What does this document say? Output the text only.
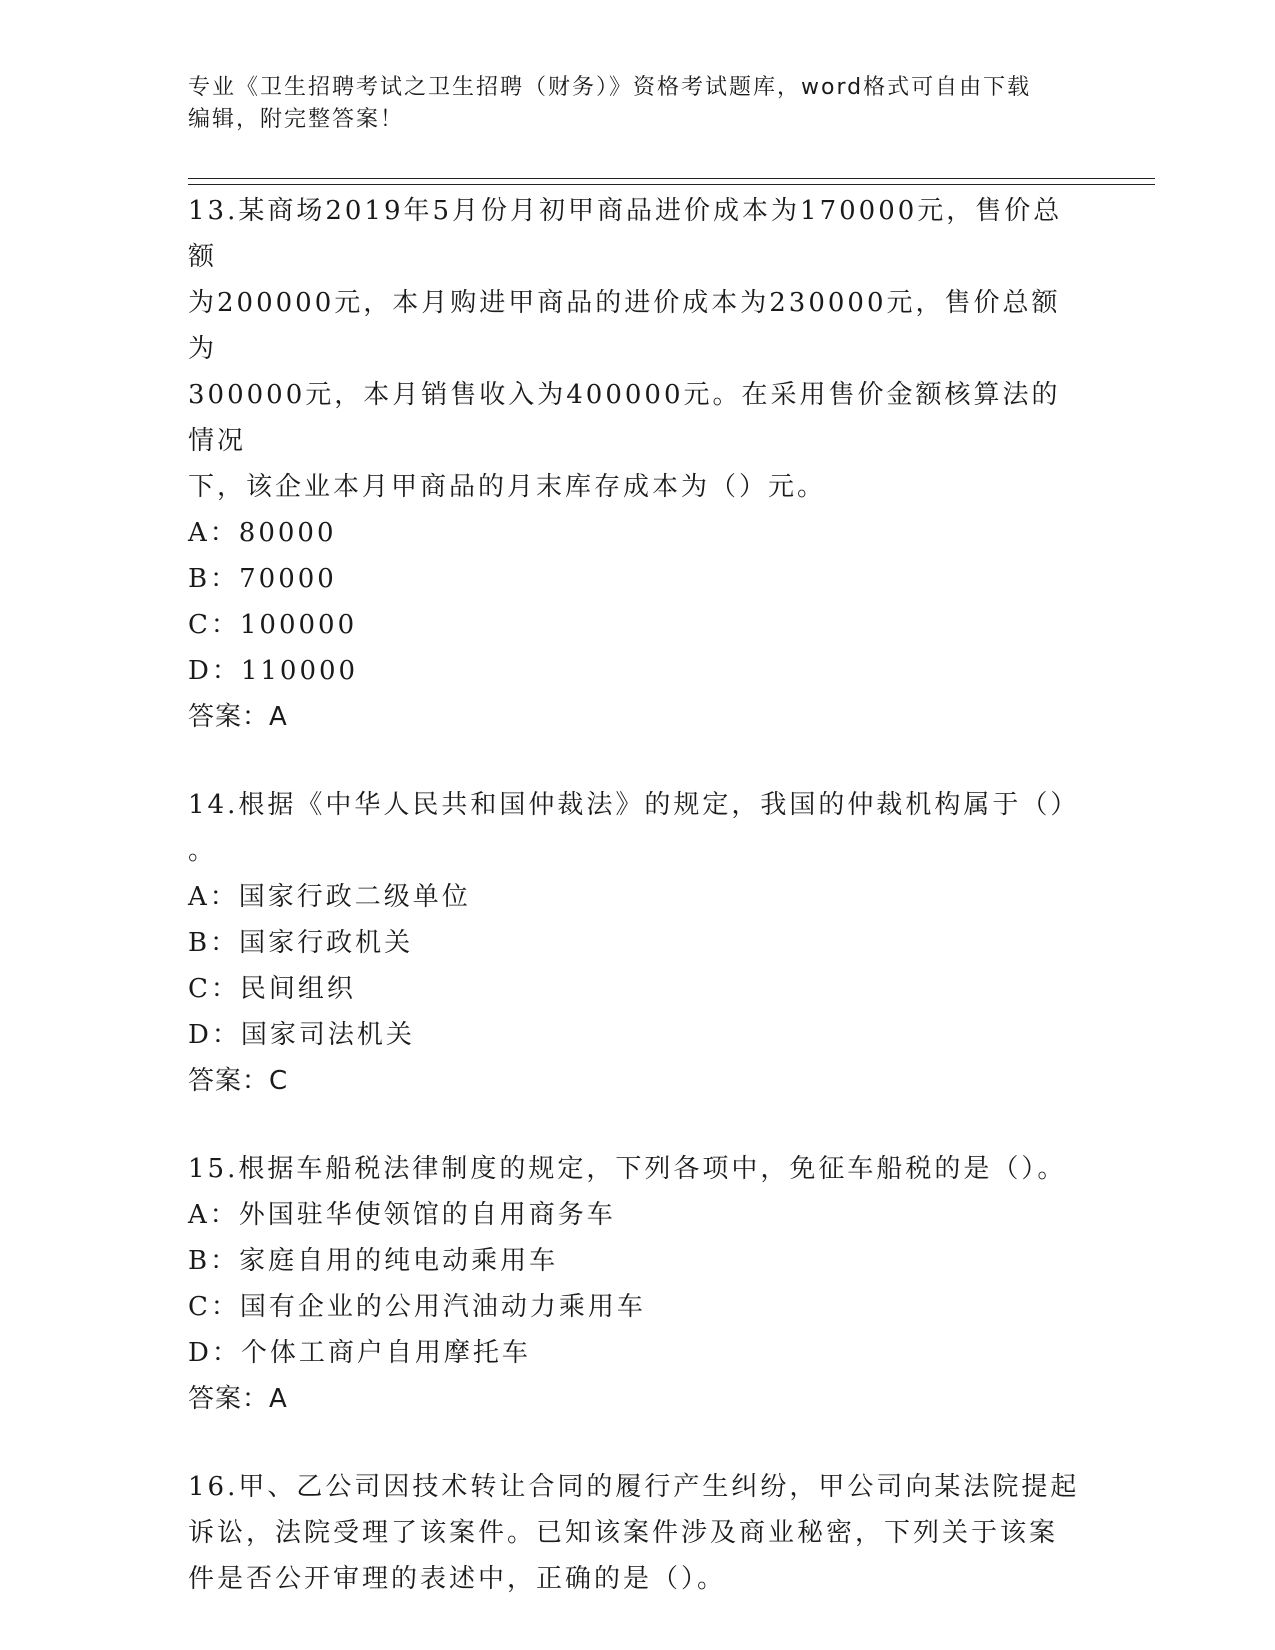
专业《卫生招聘考试之卫生招聘（财务）》资格考试题库，word格式可自由下载
编辑，附完整答案！

13.某商场2019年5月份月初甲商品进价成本为170000元，售价总额

为200000元，本月购进甲商品的进价成本为230000元，售价总额为

300000元，本月销售收入为400000元。在采用售价金额核算法的情况

下，该企业本月甲商品的月末库存成本为（）元。

A：80000

B：70000

C：100000

D：110000

答案：A

14.根据《中华人民共和国仲裁法》的规定，我国的仲裁机构属于（）

。

A：国家行政二级单位

B：国家行政机关

C：民间组织

D：国家司法机关

答案：C

15.根据车船税法律制度的规定，下列各项中，免征车船税的是（）。

A：外国驻华使领馆的自用商务车

B：家庭自用的纯电动乘用车

C：国有企业的公用汽油动力乘用车

D：个体工商户自用摩托车

答案：A

16.甲、乙公司因技术转让合同的履行产生纠纷，甲公司向某法院提起

诉讼，法院受理了该案件。已知该案件涉及商业秘密，下列关于该案

件是否公开审理的表述中，正确的是（）。
